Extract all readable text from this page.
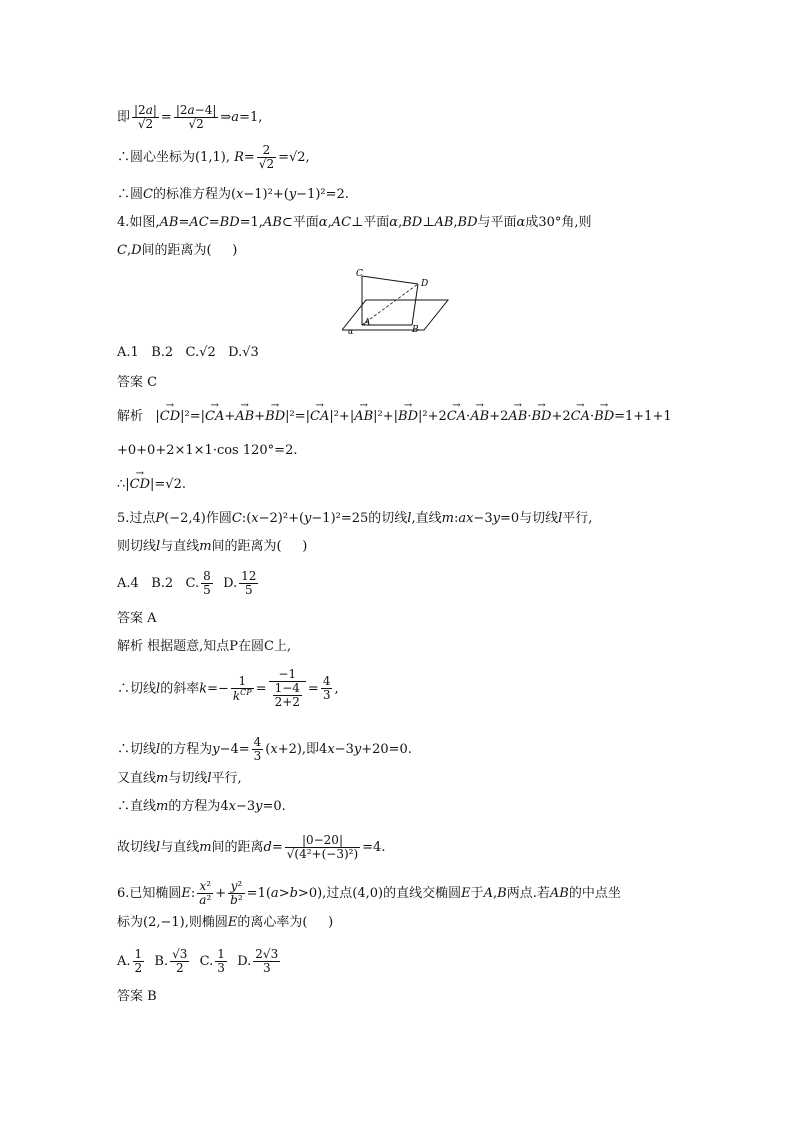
即 $\frac{|2a|}{√2} = \frac{|2a-4|}{√2}$ ⇒a=1,
∴圆心坐标为(1,1), $R= \frac{2}{√2} =√2$,
∴圆C的标准方程为(x−1)²+(y−1)²=2.
4.如图,AB=AC=BD=1,AB⊂平面α,AC⊥平面α,BD⊥AB,BD与平面α成30°角,则
C,D间的距离为(     )
C
D
A
B
α
A.1   B.2   C.√2   D.√3
答案 C
解析   |→ CD|²=|→ CA+→ AB+→ BD|²=|→ CA|²+|→ AB|²+|→ BD|²+2→ CA·→ AB+2→ AB·→ BD+2→ CA·→ BD=1+1+1
+0+0+2×1×1·cos 120°=2.
∴|→ CD|=√2.
5.过点P(−2,4)作圆C:(x−2)²+(y−1)²=25的切线l,直线m:ax−3y=0与切线l平行,
则切线l与直线m间的距离为(     )
A.4   B.2   C. $\frac{8}{5} D$. $\frac{12}{5}$
答案 A
解析 根据题意,知点P在圆C上,
∴切线l的斜率$k=- \frac{1}{k^{CP}} = \frac{-1}{\frac{1-4}{2+2}} = \frac{4}{3}$ ,
∴切线l的方程为$y-4= \frac{4}{3} (x+2)$,即4x−3y+20=0.
又直线m与切线l平行,
∴直线m的方程为4x−3y=0.
故切线l与直线m间的距离$d= \frac{|0-20|}{\text{√(4²+(−3)²)}} =4$.
6.已知椭圆E: $\frac{\text{x²}}{\text{a²}} + \frac{\text{y²}}{\text{b²}} =1(a>b>0)$,过点(4,0)的直线交椭圆E于A,B两点.若AB的中点坐
标为(2,−1),则椭圆E的离心率为(     )
A. $\frac{1}{2} B$. $\frac{√3}{2} C$. $\frac{1}{3} D$. $\frac{2√3}{3}$
答案 B
